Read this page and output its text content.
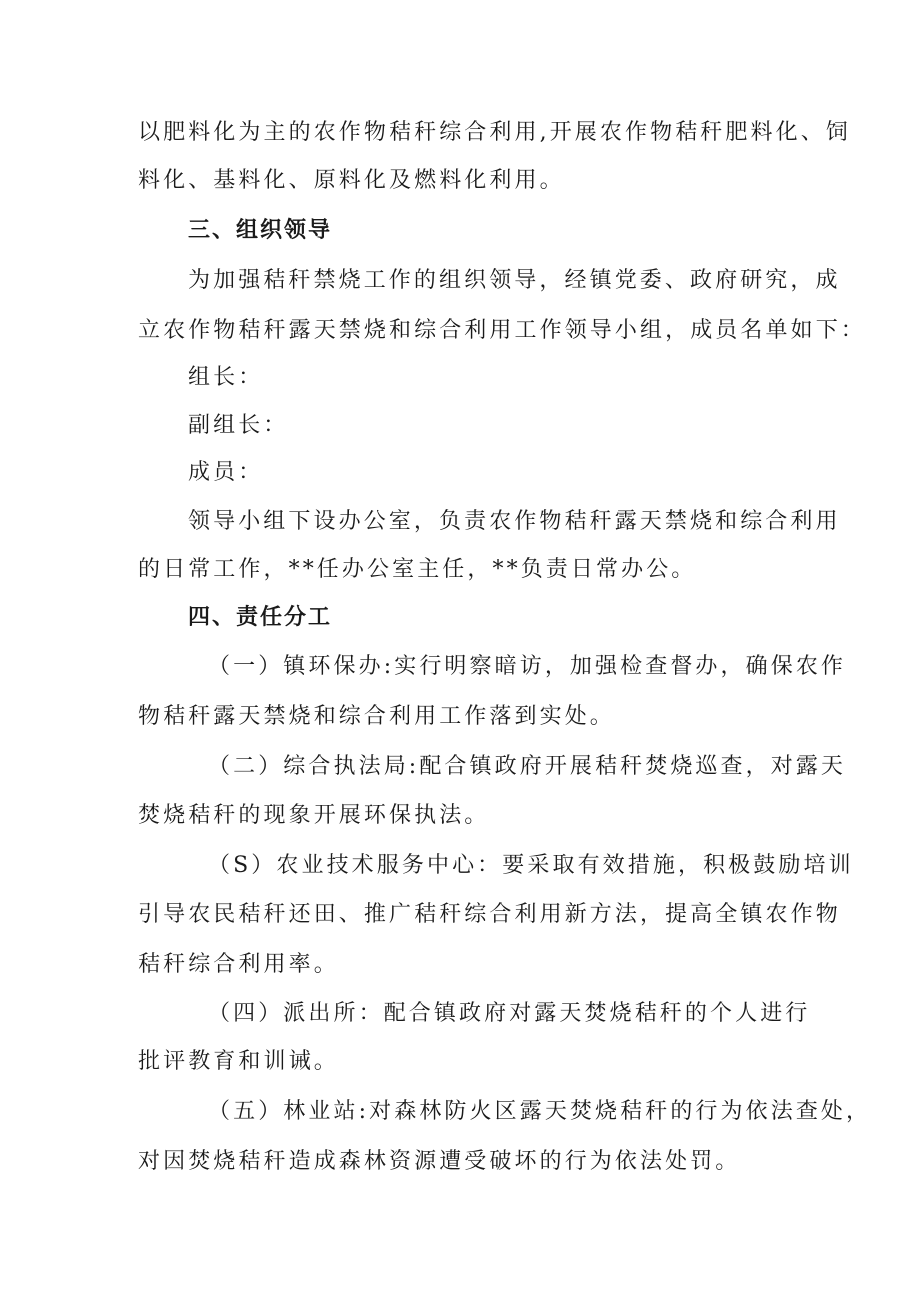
以肥料化为主的农作物秸秆综合利用,开展农作物秸秆肥料化、饲
料化、基料化、原料化及燃料化利用。
三、组织领导
为加强秸秆禁烧工作的组织领导，经镇党委、政府研究，成
立农作物秸秆露天禁烧和综合利用工作领导小组，成员名单如下：
组长：
副组长：
成员：
领导小组下设办公室，负责农作物秸秆露天禁烧和综合利用
的日常工作，**任办公室主任，**负责日常办公。
四、责任分工
（一）镇环保办:实行明察暗访，加强检查督办，确保农作
物秸秆露天禁烧和综合利用工作落到实处。
（二）综合执法局:配合镇政府开展秸秆焚烧巡查，对露天
焚烧秸秆的现象开展环保执法。
（S）农业技术服务中心：要采取有效措施，积极鼓励培训
引导农民秸秆还田、推广秸秆综合利用新方法，提高全镇农作物
秸秆综合利用率。
（四）派出所：配合镇政府对露天焚烧秸秆的个人进行
批评教育和训诫。
（五）林业站:对森林防火区露天焚烧秸秆的行为依法查处，
对因焚烧秸秆造成森林资源遭受破坏的行为依法处罚。
